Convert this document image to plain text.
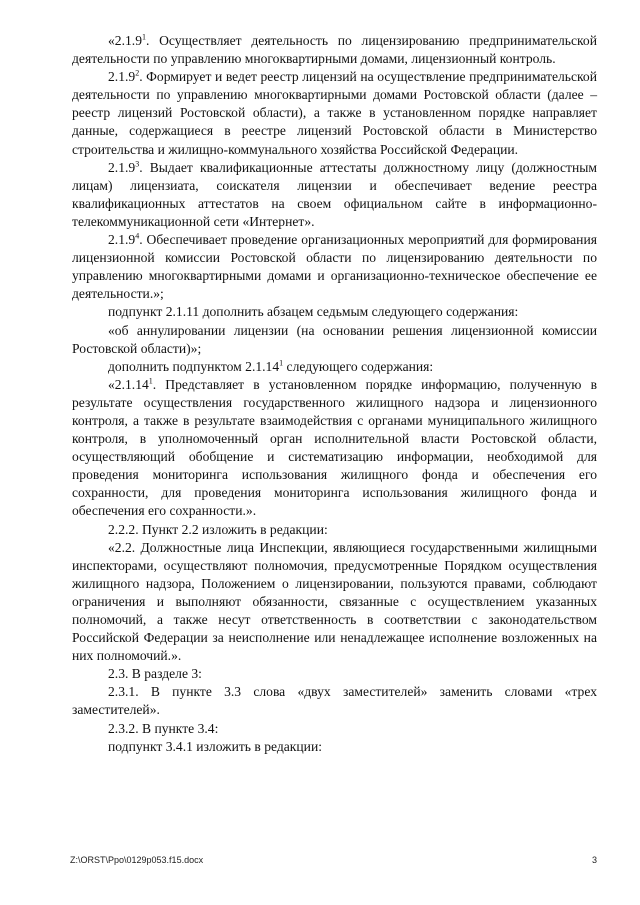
«2.1.9$^1$. Осуществляет деятельность по лицензированию предпринимательской деятельности по управлению многоквартирными домами, лицензионный контроль.

2.1.9$^2$. Формирует и ведет реестр лицензий на осуществление предпринимательской деятельности по управлению многоквартирными домами Ростовской области (далее – реестр лицензий Ростовской области), а также в установленном порядке направляет данные, содержащиеся в реестре лицензий Ростовской области в Министерство строительства и жилищно-коммунального хозяйства Российской Федерации.

2.1.9$^3$. Выдает квалификационные аттестаты должностному лицу (должностным лицам) лицензиата, соискателя лицензии и обеспечивает ведение реестра квалификационных аттестатов на своем официальном сайте в информационно-телекоммуникационной сети «Интернет».

2.1.9$^4$. Обеспечивает проведение организационных мероприятий для формирования лицензионной комиссии Ростовской области по лицензированию деятельности по управлению многоквартирными домами и организационно-техническое обеспечение ее деятельности.»;

подпункт 2.1.11 дополнить абзацем седьмым следующего содержания:

«об аннулировании лицензии (на основании решения лицензионной комиссии Ростовской области)»;

дополнить подпунктом 2.1.14$^1$ следующего содержания:

«2.1.14$^1$. Представляет в установленном порядке информацию, полученную в результате осуществления государственного жилищного надзора и лицензионного контроля, а также в результате взаимодействия с органами муниципального жилищного контроля, в уполномоченный орган исполнительной власти Ростовской области, осуществляющий обобщение и систематизацию информации, необходимой для проведения мониторинга использования жилищного фонда и обеспечения его сохранности, для проведения мониторинга использования жилищного фонда и обеспечения его сохранности.».

2.2.2. Пункт 2.2 изложить в редакции:

«2.2. Должностные лица Инспекции, являющиеся государственными жилищными инспекторами, осуществляют полномочия, предусмотренные Порядком осуществления жилищного надзора, Положением о лицензировании, пользуются правами, соблюдают ограничения и выполняют обязанности, связанные с осуществлением указанных полномочий, а также несут ответственность в соответствии с законодательством Российской Федерации за неисполнение или ненадлежащее исполнение возложенных на них полномочий.».

2.3. В разделе 3:

2.3.1. В пункте 3.3 слова «двух заместителей» заменить словами «трех заместителей».

2.3.2. В пункте 3.4:

подпункт 3.4.1 изложить в редакции:

Z:\ORST\Ppo\0129p053.f15.docx	3
